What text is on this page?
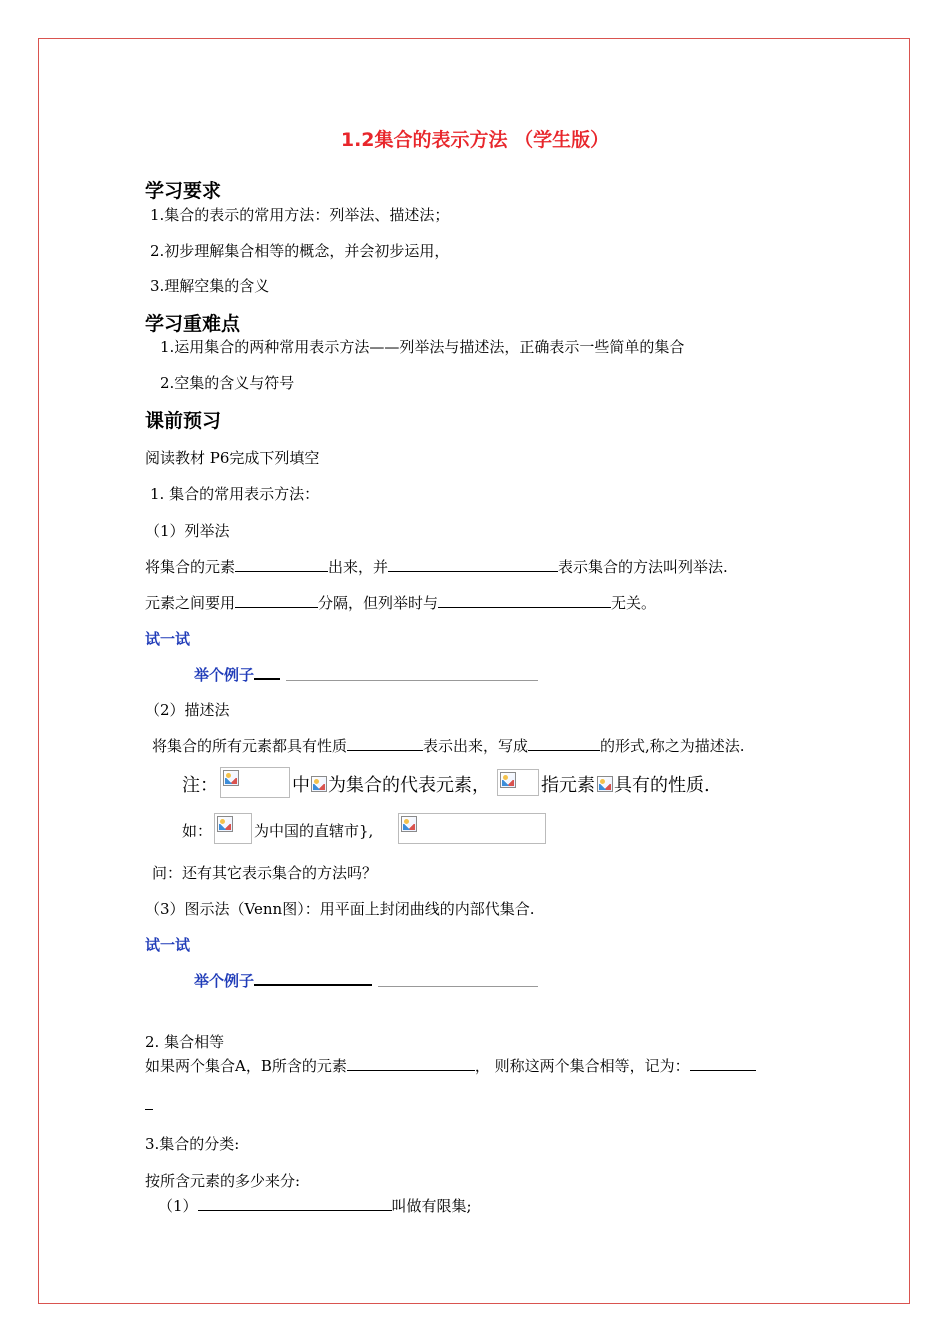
1.2集合的表示方法 （学生版）
学习要求
1.集合的表示的常用方法：列举法、描述法；
2.初步理解集合相等的概念，并会初步运用，
3.理解空集的含义
学习重难点
1.运用集合的两种常用表示方法——列举法与描述法，正确表示一些简单的集合
2.空集的含义与符号
课前预习
阅读教材 P6完成下列填空
1. 集合的常用表示方法：
（1）列举法
将集合的元素	出来，并	表示集合的方法叫列举法.
元素之间要用	分隔，但列举时与	无关。
试一试
举个例子
（2）描述法
将集合的所有元素都具有性质	表示出来，写成	的形式,称之为描述法.
注：	中 为集合的代表元素，	指元素 具有的性质.
如：	为中国的直辖市},
问：还有其它表示集合的方法吗？
（3）图示法（Venn图）：用平面上封闭曲线的内部代集合.
试一试
举个例子
2. 集合相等
如果两个集合A，B所含的元素	， 则称这两个集合相等，记为：
3.集合的分类:
按所含元素的多少来分:
（1）	叫做有限集;
